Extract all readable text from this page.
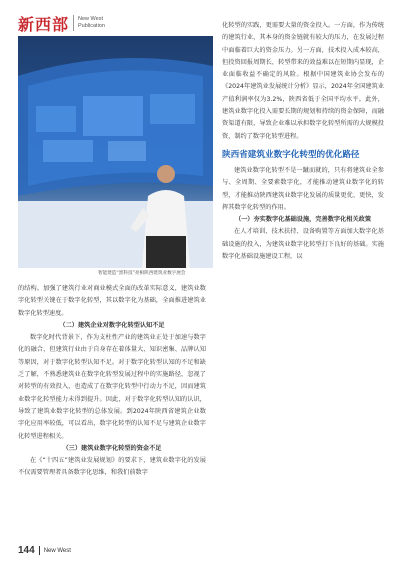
新西部 New West
Publication
智能建造“黑科技”亮相陕西建筑业数字展会

的结构。加强了建筑行业对商业模式全面的改革实际意义，建筑业数字化转型关键在于数字化转型，其以数字化为基础，全面推进建筑业数字化转型速度。

（二）建筑企业对数字化转型认知不足

数字化时代背景下，作为支柱性产业的建筑业正处于加速与数字化的融合，但建筑行业由于自身存在着体量大、知识密集、品牌认知等原因，对于数字化转型认知不足。对于数字化转型认知的不足和缺乏了解，不熟悉建筑业在数字化转型发展过程中的实施路径，忽视了对转型的有效投入，也造成了在数字化转型中行动力不足，因而建筑业数字化转型能力未得到提升。因此，对于数字化转型认知的认识，导致了建筑业数字化转型的总体发展。到2024年陕西省建筑企业数字化应用率较低，可以看出，数字化转型的认知不足与建筑企业数字化转型进程相关。

（三）建筑业数字化转型的资金不足

在《“十四五”建筑业发展规划》的要求下，建筑业数字化的发展不仅需要管理者具备数字化思维，和我们前数字

化转型的实践，更需要大量的资金投入。一方面，作为传统的建筑行业，其本身的资金链就有较大的压力，在发展过程中面临着巨大的资金压力。另一方面，技术投入成本较高，但投资回报周期长，转型带来的效益难以在短期内显现，企业面临收益不确定的风险。根据中国建筑业协会发布的《2024年建筑业发展统计分析》显示，2024年全国建筑业产值利润率仅为3.2%，陕西省低于全国平均水平。此外，建筑业数字化投入需要长期的规划和持续的资金保障，而融资渠道有限，导致企业难以承担数字化转型所需的大规模投资，制约了数字化转型进程。

陕西省建筑业数字化转型的优化路径

建筑业数字化转型不是一蹴而就的，只有将建筑业全参与、全周期、全要素数字化，才能推动建筑业数字化的转型，才能推动陕西建筑业数字化发展的质量更优、更快，发挥其数字化转型的作用。

（一）夯实数字化基础设施，完善数字化相关政策

在人才培训、技术扶持、设备购置等方面加大数字化基础设施的投入，为建筑业数字化转型打下良好的基础。实施数字化基础设施建设工程，以

144 New West
